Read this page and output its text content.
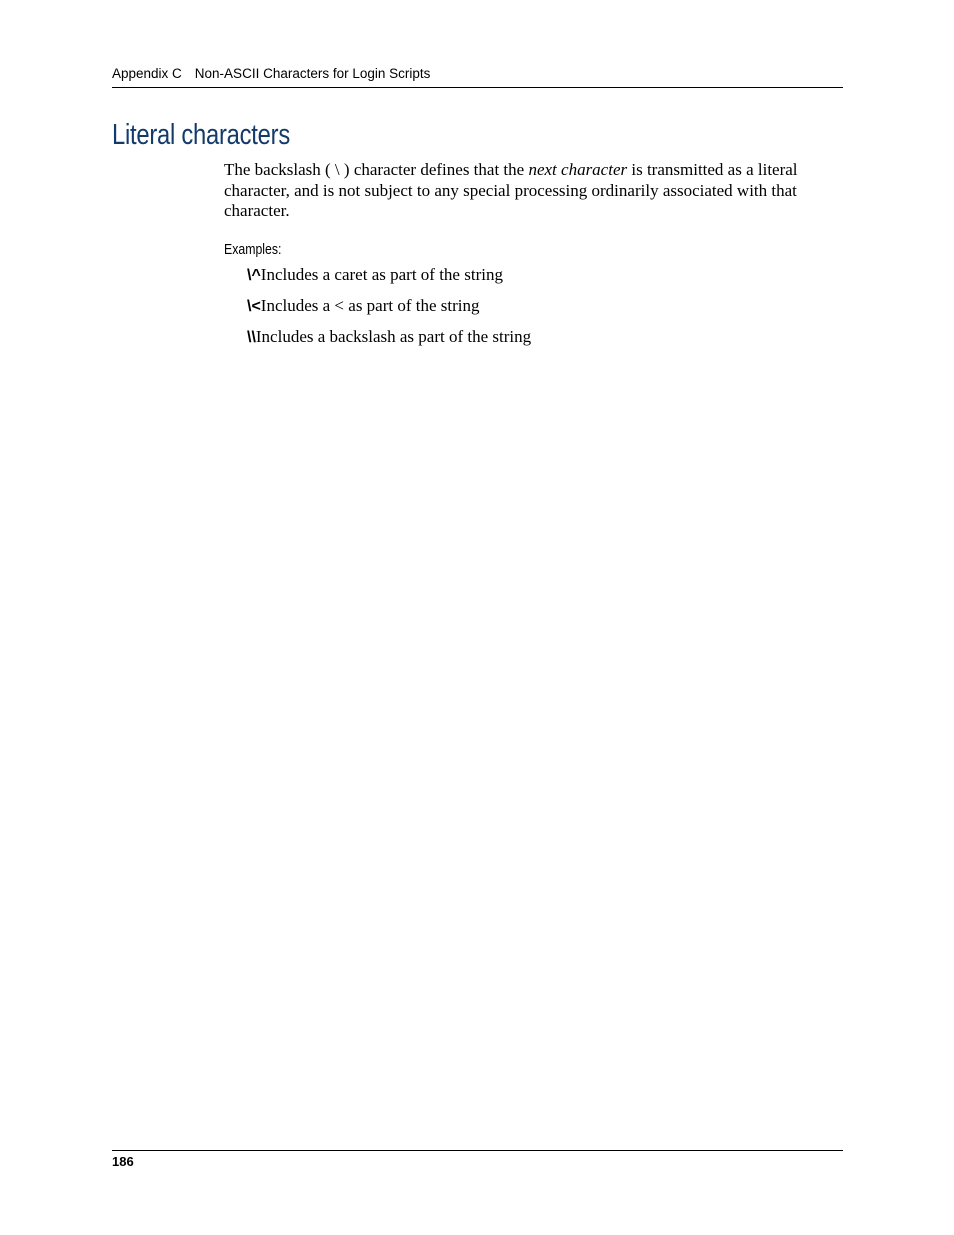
Appendix C Non-ASCII Characters for Login Scripts
Literal characters

The backslash ( \ ) character defines that the next character is transmitted as a literal character, and is not subject to any special processing ordinarily associated with that character.

Examples:

\^Includes a caret as part of the string

\<Includes a < as part of the string

\\Includes a backslash as part of the string

186
